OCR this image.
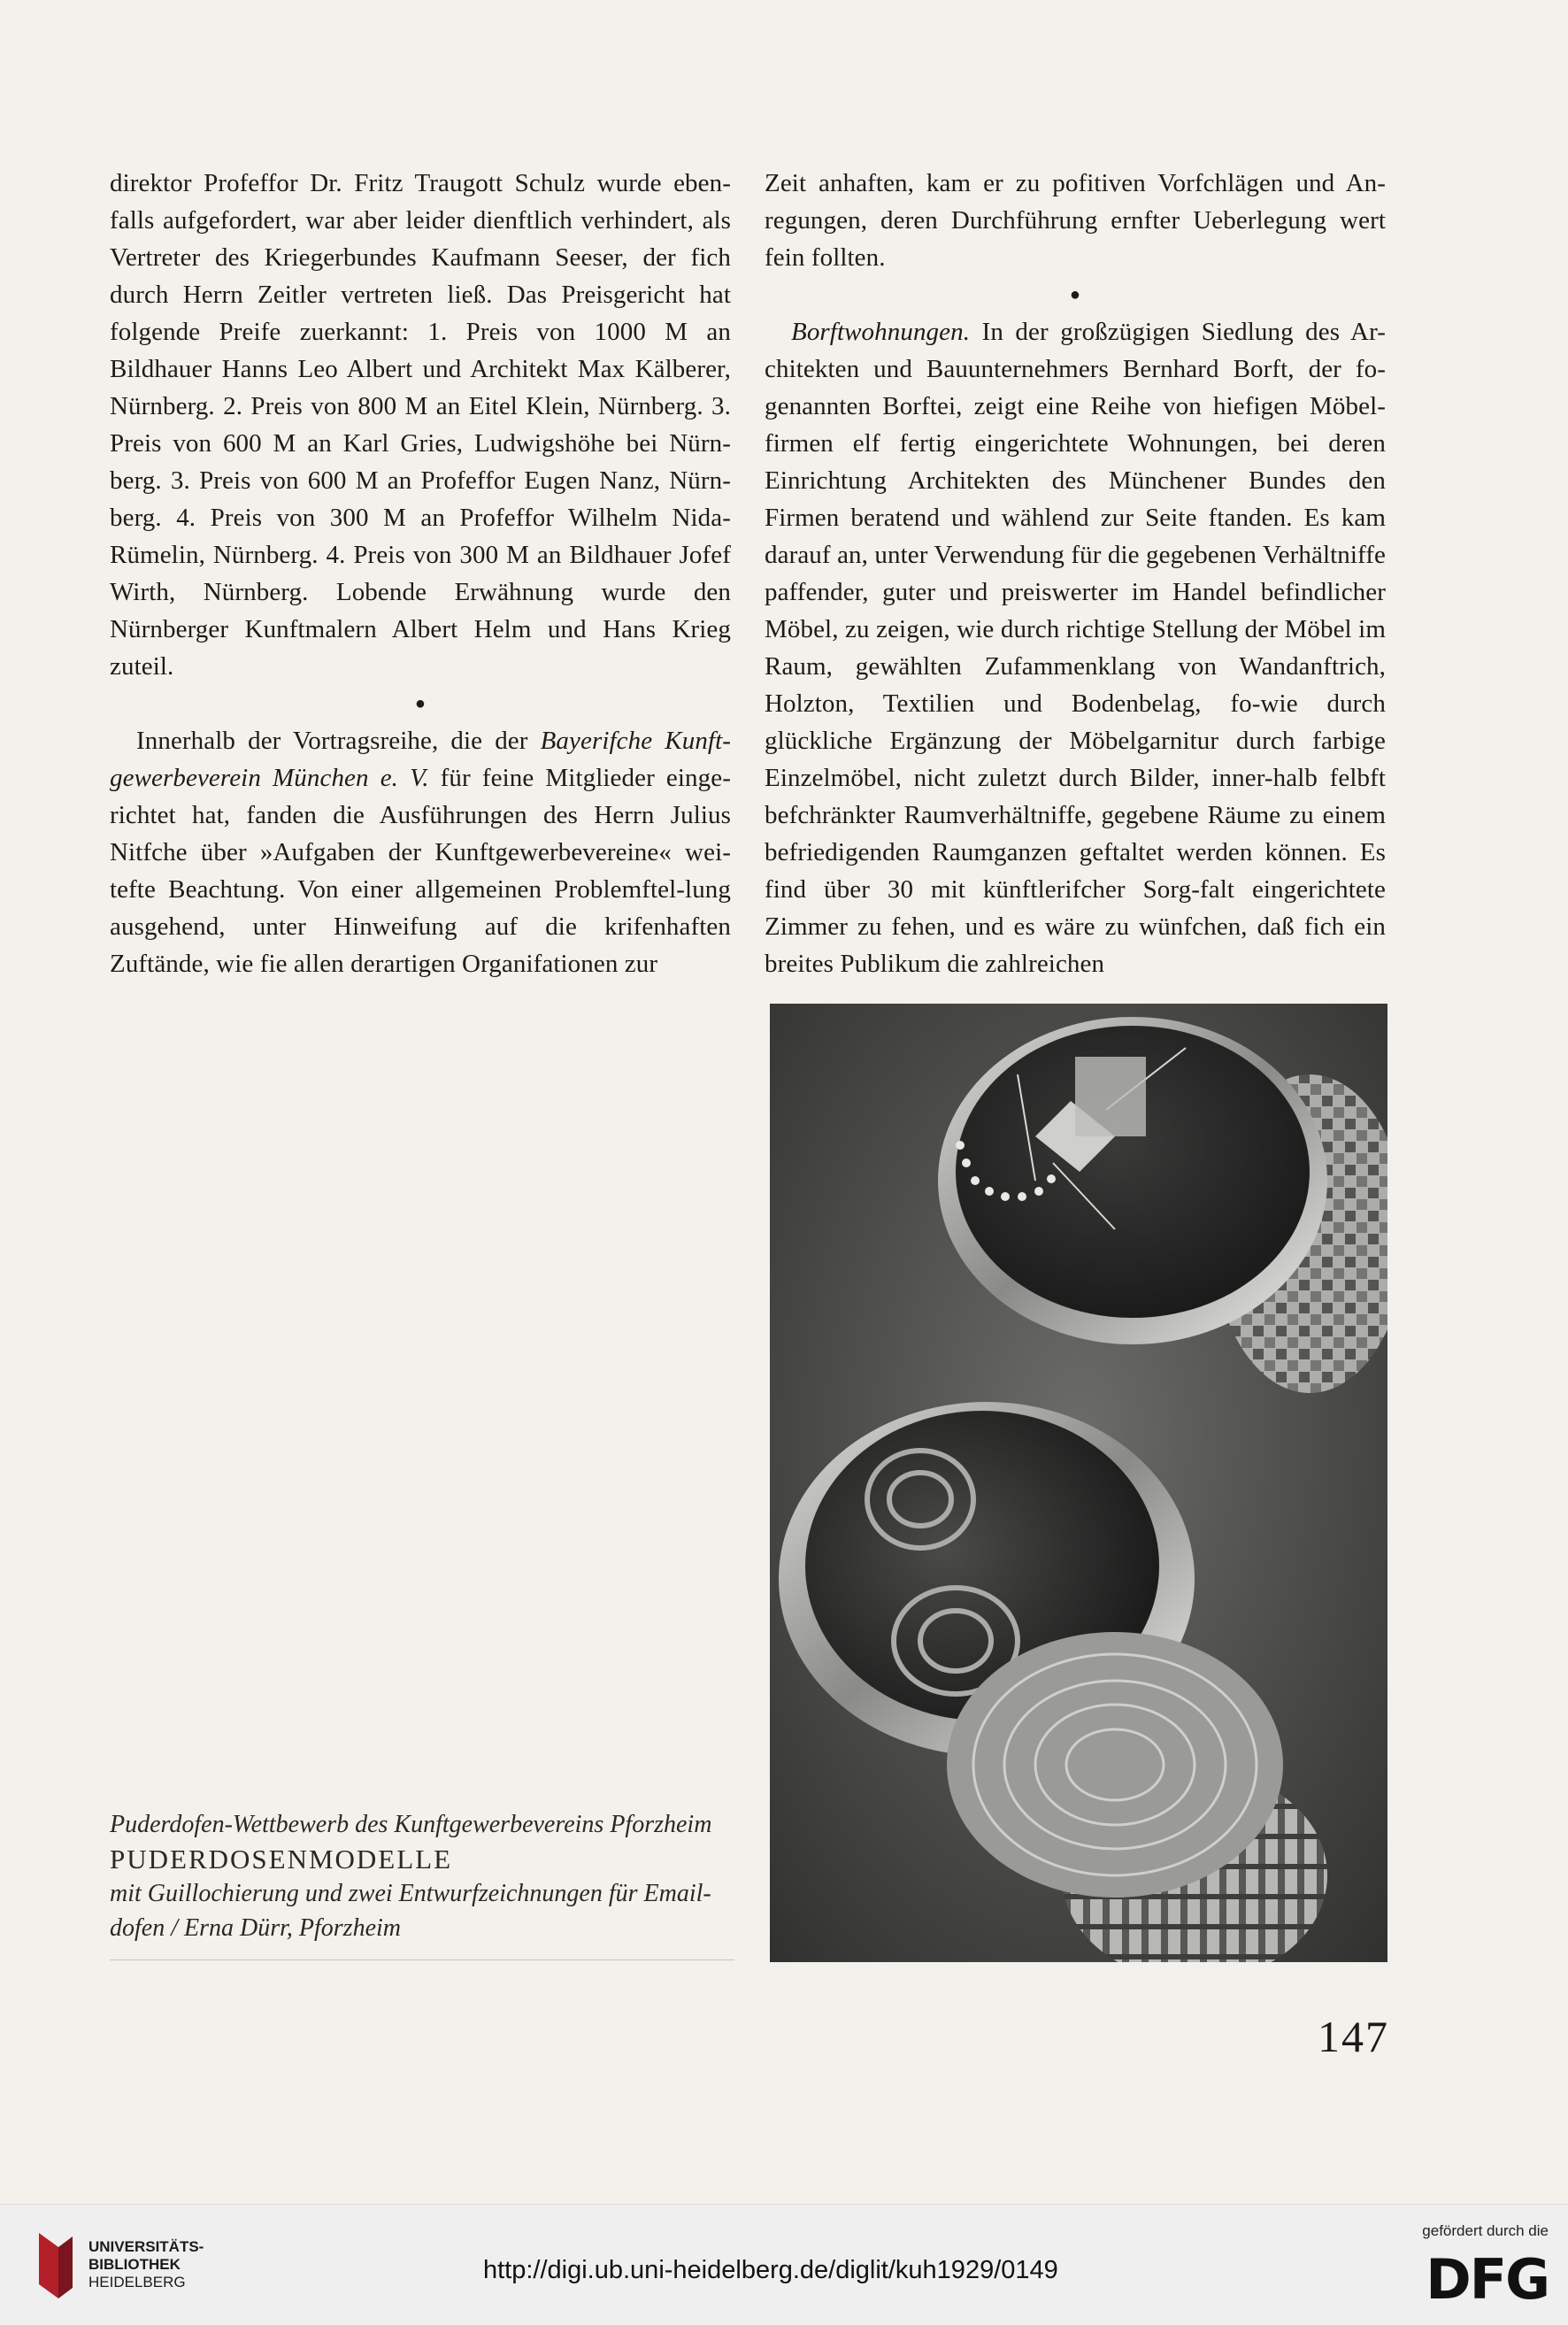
direktor Profeffor Dr. Fritz Traugott Schulz wurde eben-falls aufgefordert, war aber leider dienftlich verhindert, als Vertreter des Kriegerbundes Kaufmann Seeser, der fich durch Herrn Zeitler vertreten ließ. Das Preisgericht hat folgende Preife zuerkannt: 1. Preis von 1000 M an Bildhauer Hanns Leo Albert und Architekt Max Kälberer, Nürnberg. 2. Preis von 800 M an Eitel Klein, Nürnberg. 3. Preis von 600 M an Karl Gries, Ludwigshöhe bei Nürn-berg. 3. Preis von 600 M an Profeffor Eugen Nanz, Nürn-berg. 4. Preis von 300 M an Profeffor Wilhelm Nida-Rümelin, Nürnberg. 4. Preis von 300 M an Bildhauer Jofef Wirth, Nürnberg. Lobende Erwähnung wurde den Nürnberger Kunftmalern Albert Helm und Hans Krieg zuteil.

●

Innerhalb der Vortragsreihe, die der Bayerifche Kunft-gewerbeverein München e. V. für feine Mitglieder einge-richtet hat, fanden die Ausführungen des Herrn Julius Nitfche über »Aufgaben der Kunftgewerbevereine« wei-tefte Beachtung. Von einer allgemeinen Problemftel-lung ausgehend, unter Hinweifung auf die krifenhaften Zuftände, wie fie allen derartigen Organifationen zur

Zeit anhaften, kam er zu pofitiven Vorfchlägen und An-regungen, deren Durchführung ernfter Ueberlegung wert fein follten.

●

Borftwohnungen. In der großzügigen Siedlung des Ar-chitekten und Bauunternehmers Bernhard Borft, der fo-genannten Borftei, zeigt eine Reihe von hiefigen Möbel-firmen elf fertig eingerichtete Wohnungen, bei deren Einrichtung Architekten des Münchener Bundes den Firmen beratend und wählend zur Seite ftanden. Es kam darauf an, unter Verwendung für die gegebenen Verhältniffe paffender, guter und preiswerter im Handel befindlicher Möbel, zu zeigen, wie durch richtige Stellung der Möbel im Raum, gewählten Zufammenklang von Wandanftrich, Holzton, Textilien und Bodenbelag, fo-wie durch glückliche Ergänzung der Möbelgarnitur durch farbige Einzelmöbel, nicht zuletzt durch Bilder, inner-halb felbft befchränkter Raumverhältniffe, gegebene Räume zu einem befriedigenden Raumganzen geftaltet werden können. Es find über 30 mit künftlerifcher Sorg-falt eingerichtete Zimmer zu fehen, und es wäre zu wünfchen, daß fich ein breites Publikum die zahlreichen

Puderdofen-Wettbewerb des Kunftgewerbevereins Pforzheim
PUDERDOSENMODELLE
mit Guillochierung und zwei Entwurfzeichnungen für Email-dofen / Erna Dürr, Pforzheim
147
UNIVERSITÄTS-
BIBLIOTHEK
HEIDELBERG	http://digi.ub.uni-heidelberg.de/diglit/kuh1929/0149
gefördert durch die
DFG
